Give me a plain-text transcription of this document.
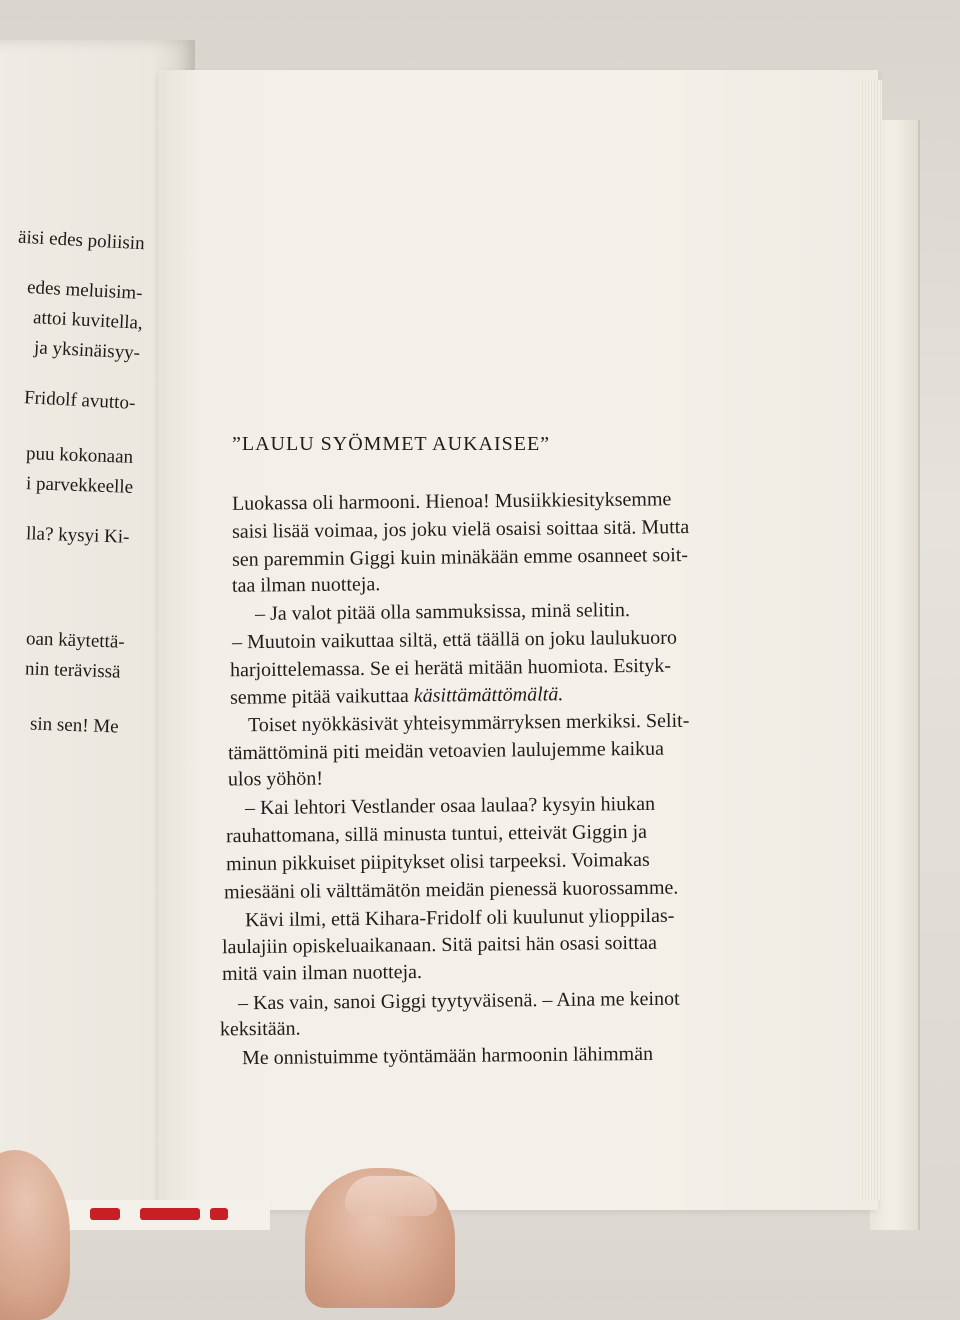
äisi edes poliisin
edes meluisim-
attoi kuvitella,
ja yksinäisyy-
Fridolf avutto-
puu kokonaan
i parvekkeelle
lla? kysyi Ki-
oan käytettä-
nin terävissä
sin sen! Me
”LAULU SYÖMMET AUKAISEE”
Luokassa oli harmooni. Hienoa! Musiikkiesityksemme
saisi lisää voimaa, jos joku vielä osaisi soittaa sitä. Mutta
sen paremmin Giggi kuin minäkään emme osanneet soit-
taa ilman nuotteja.
– Ja valot pitää olla sammuksissa, minä selitin.
– Muutoin vaikuttaa siltä, että täällä on joku laulukuoro
harjoittelemassa. Se ei herätä mitään huomiota. Esityk-
semme pitää vaikuttaa käsittämättömältä.
Toiset nyökkäsivät yhteisymmärryksen merkiksi. Selit-
tämättöminä piti meidän vetoavien laulujemme kaikua
ulos yöhön!
– Kai lehtori Vestlander osaa laulaa? kysyin hiukan
rauhattomana, sillä minusta tuntui, etteivät Giggin ja
minun pikkuiset piipitykset olisi tarpeeksi. Voimakas
miesääni oli välttämätön meidän pienessä kuorossamme.
Kävi ilmi, että Kihara-Fridolf oli kuulunut ylioppilas-
laulajiin opiskeluaikanaan. Sitä paitsi hän osasi soittaa
mitä vain ilman nuotteja.
– Kas vain, sanoi Giggi tyytyväisenä. – Aina me keinot
keksitään.
Me onnistuimme työntämään harmoonin lähimmän
